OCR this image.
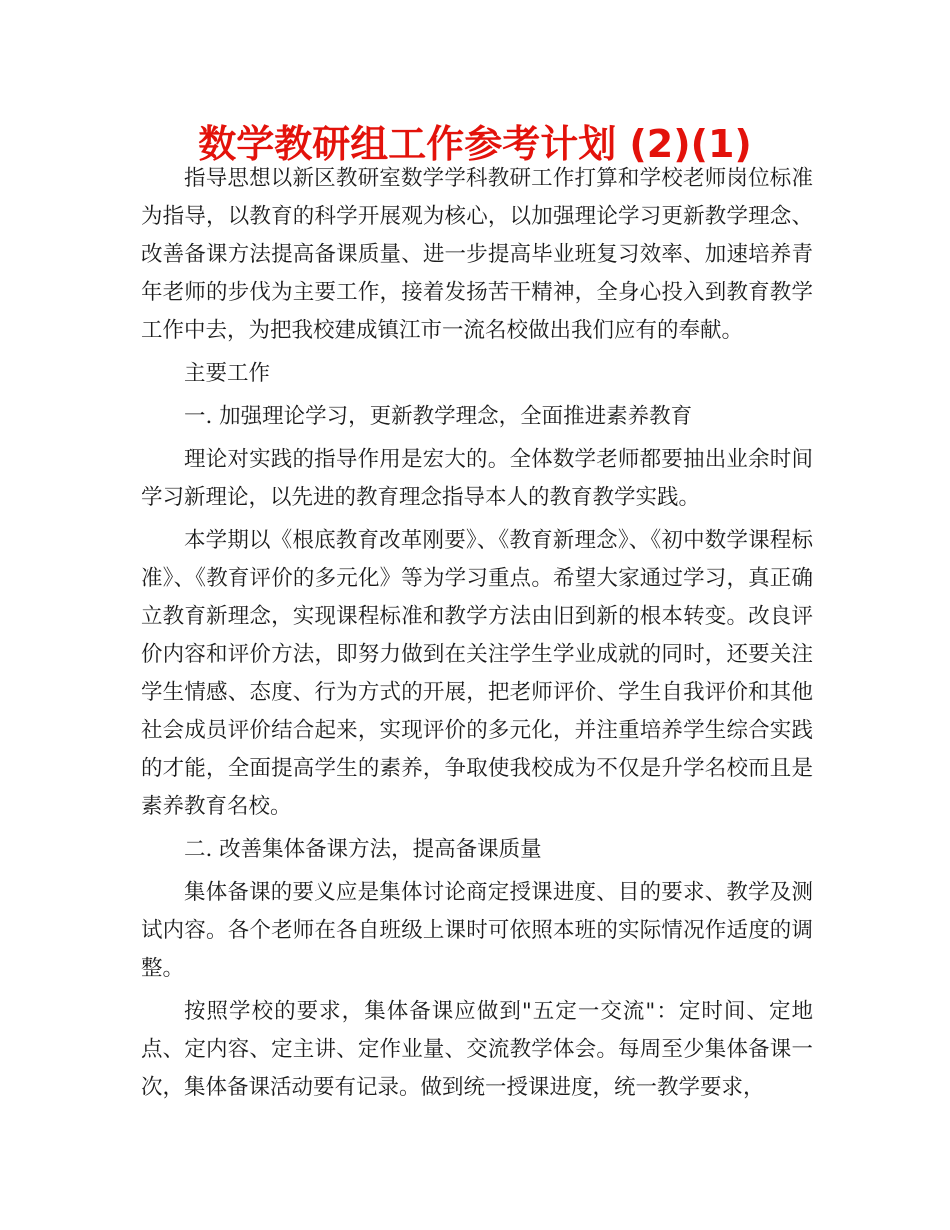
数学教研组工作参考计划 (2)(1)

指导思想以新区教研室数学学科教研工作打算和学校老师岗位标准为指导，以教育的科学开展观为核心，以加强理论学习更新教学理念、改善备课方法提高备课质量、进一步提高毕业班复习效率、加速培养青年老师的步伐为主要工作，接着发扬苦干精神，全身心投入到教育教学工作中去，为把我校建成镇江市一流名校做出我们应有的奉献。

主要工作

一. 加强理论学习，更新教学理念，全面推进素养教育

理论对实践的指导作用是宏大的。全体数学老师都要抽出业余时间学习新理论，以先进的教育理念指导本人的教育教学实践。

本学期以《根底教育改革刚要》、《教育新理念》、《初中数学课程标准》、《教育评价的多元化》等为学习重点。希望大家通过学习，真正确立教育新理念，实现课程标准和教学方法由旧到新的根本转变。改良评价内容和评价方法，即努力做到在关注学生学业成就的同时，还要关注学生情感、态度、行为方式的开展，把老师评价、学生自我评价和其他社会成员评价结合起来，实现评价的多元化，并注重培养学生综合实践的才能，全面提高学生的素养，争取使我校成为不仅是升学名校而且是素养教育名校。

二. 改善集体备课方法，提高备课质量

集体备课的要义应是集体讨论商定授课进度、目的要求、教学及测试内容。各个老师在各自班级上课时可依照本班的实际情况作适度的调整。

按照学校的要求，集体备课应做到"五定一交流"：定时间、定地点、定内容、定主讲、定作业量、交流教学体会。每周至少集体备课一次，集体备课活动要有记录。做到统一授课进度，统一教学要求，
